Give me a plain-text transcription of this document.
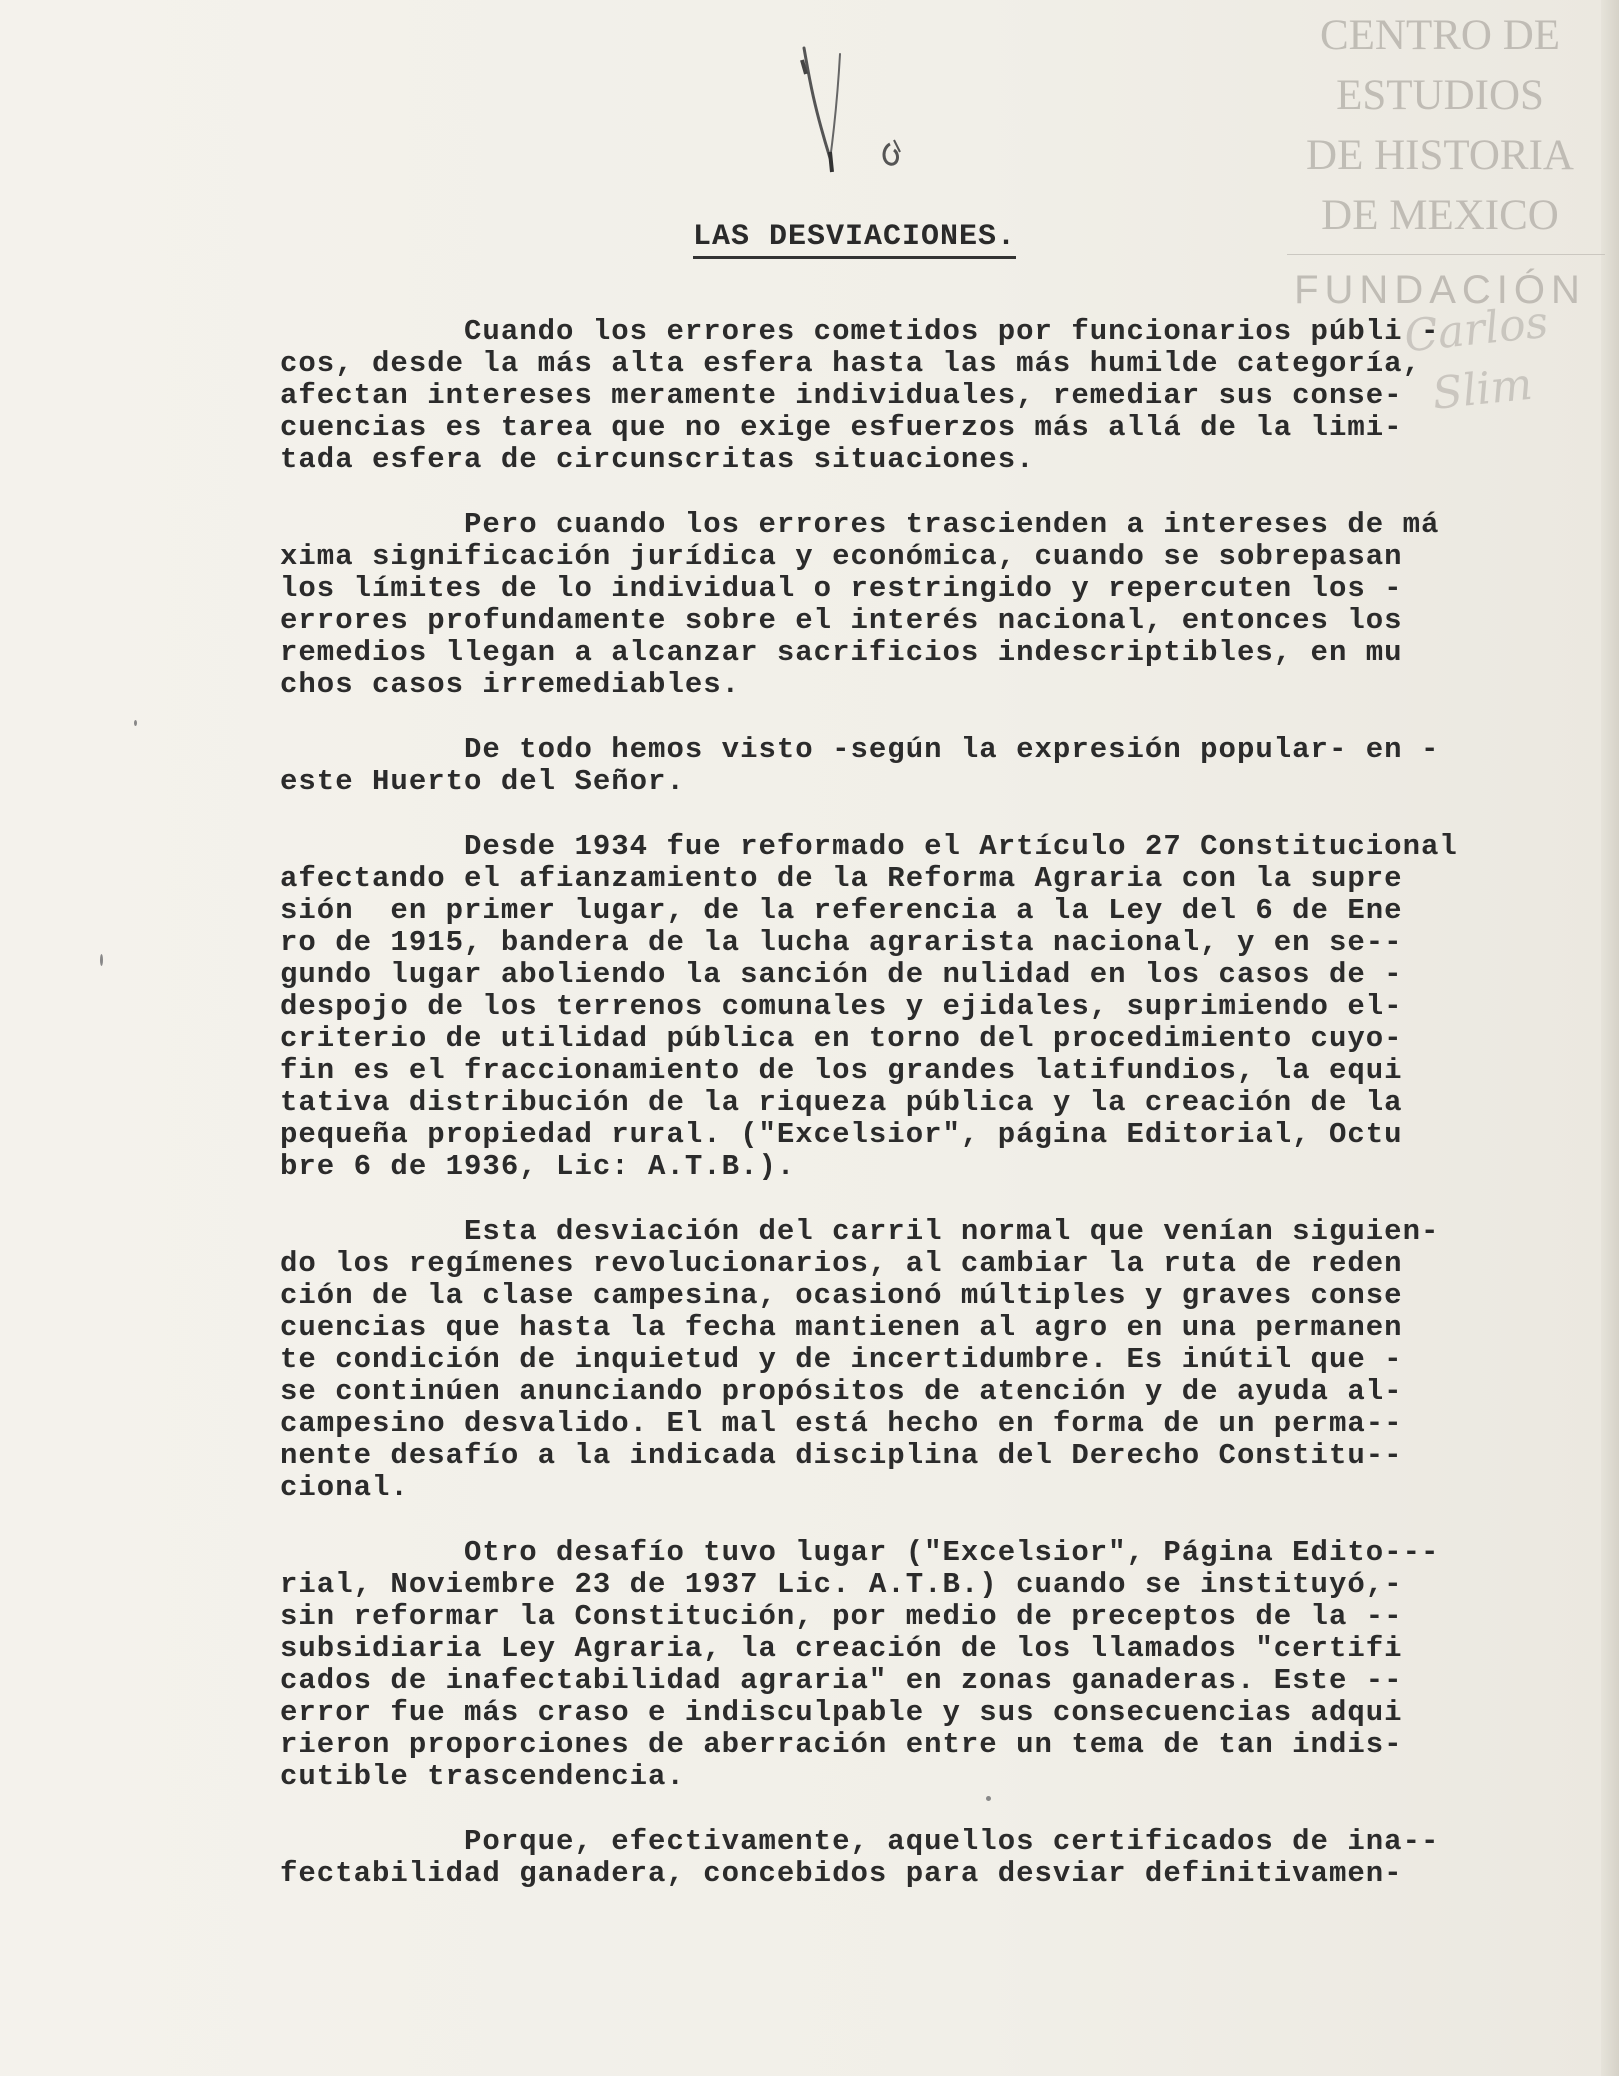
CENTRO DE
ESTUDIOS
DE HISTORIA
DE MEXICO
FUNDACIÓN
Carlos Slim
LAS DESVIACIONES.
Cuando los errores cometidos por funcionarios públi -
cos, desde la más alta esfera hasta las más humilde categoría,
afectan intereses meramente individuales, remediar sus conse-
cuencias es tarea que no exige esfuerzos más allá de la limi-
tada esfera de circunscritas situaciones.
Pero cuando los errores trascienden a intereses de má
xima significación jurídica y económica, cuando se sobrepasan
los límites de lo individual o restringido y repercuten los -
errores profundamente sobre el interés nacional, entonces los
remedios llegan a alcanzar sacrificios indescriptibles, en mu
chos casos irremediables.
De todo hemos visto -según la expresión popular- en -
este Huerto del Señor.
Desde 1934 fue reformado el Artículo 27 Constitucional
afectando el afianzamiento de la Reforma Agraria con la supre
sión  en primer lugar, de la referencia a la Ley del 6 de Ene
ro de 1915, bandera de la lucha agrarista nacional, y en se--
gundo lugar aboliendo la sanción de nulidad en los casos de -
despojo de los terrenos comunales y ejidales, suprimiendo el-
criterio de utilidad pública en torno del procedimiento cuyo-
fin es el fraccionamiento de los grandes latifundios, la equi
tativa distribución de la riqueza pública y la creación de la
pequeña propiedad rural. ("Excelsior", página Editorial, Octu
bre 6 de 1936, Lic: A.T.B.).
Esta desviación del carril normal que venían siguien-
do los regímenes revolucionarios, al cambiar la ruta de reden
ción de la clase campesina, ocasionó múltiples y graves conse
cuencias que hasta la fecha mantienen al agro en una permanen
te condición de inquietud y de incertidumbre. Es inútil que -
se continúen anunciando propósitos de atención y de ayuda al-
campesino desvalido. El mal está hecho en forma de un perma--
nente desafío a la indicada disciplina del Derecho Constitu--
cional.
Otro desafío tuvo lugar ("Excelsior", Página Edito---
rial, Noviembre 23 de 1937 Lic. A.T.B.) cuando se instituyó,-
sin reformar la Constitución, por medio de preceptos de la --
subsidiaria Ley Agraria, la creación de los llamados "certifi
cados de inafectabilidad agraria" en zonas ganaderas. Este --
error fue más craso e indisculpable y sus consecuencias adqui
rieron proporciones de aberración entre un tema de tan indis-
cutible trascendencia.
Porque, efectivamente, aquellos certificados de ina--
fectabilidad ganadera, concebidos para desviar definitivamen-
